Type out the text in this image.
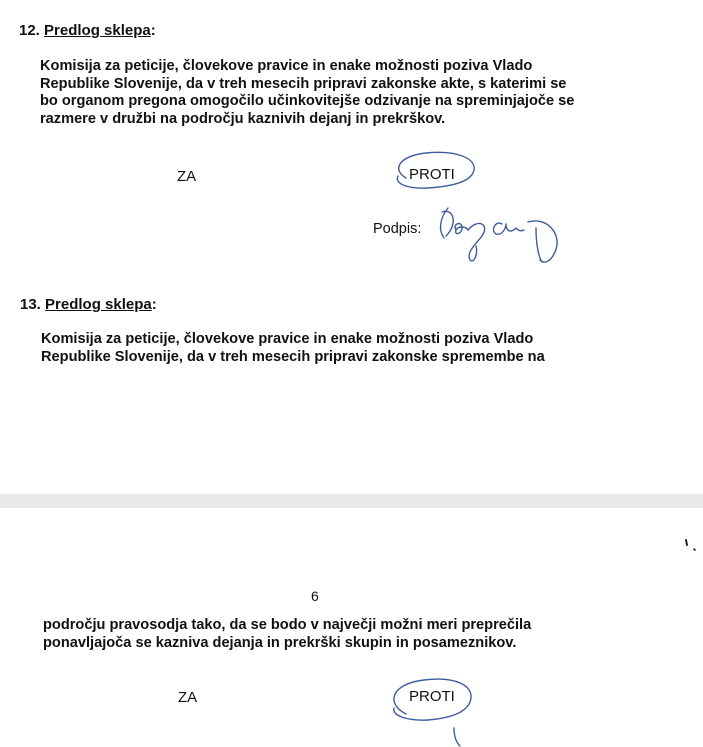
12. Predlog sklepa:
Komisija za peticije, človekove pravice in enake možnosti poziva Vlado
Republike Slovenije, da v treh mesecih pripravi zakonske akte, s katerimi se
bo organom pregona omogočilo učinkovitejše odzivanje na spreminjajoče se
razmere v družbi na področju kaznivih dejanj in prekrškov.
ZA	PROTI
Podpis:
13. Predlog sklepa:
Komisija za peticije, človekove pravice in enake možnosti poziva Vlado
Republike Slovenije, da v treh mesecih pripravi zakonske spremembe na
6
področju pravosodja tako, da se bodo v največji možni meri preprečila
ponavljajoča se kazniva dejanja in prekrški skupin in posameznikov.
ZA	PROTI
